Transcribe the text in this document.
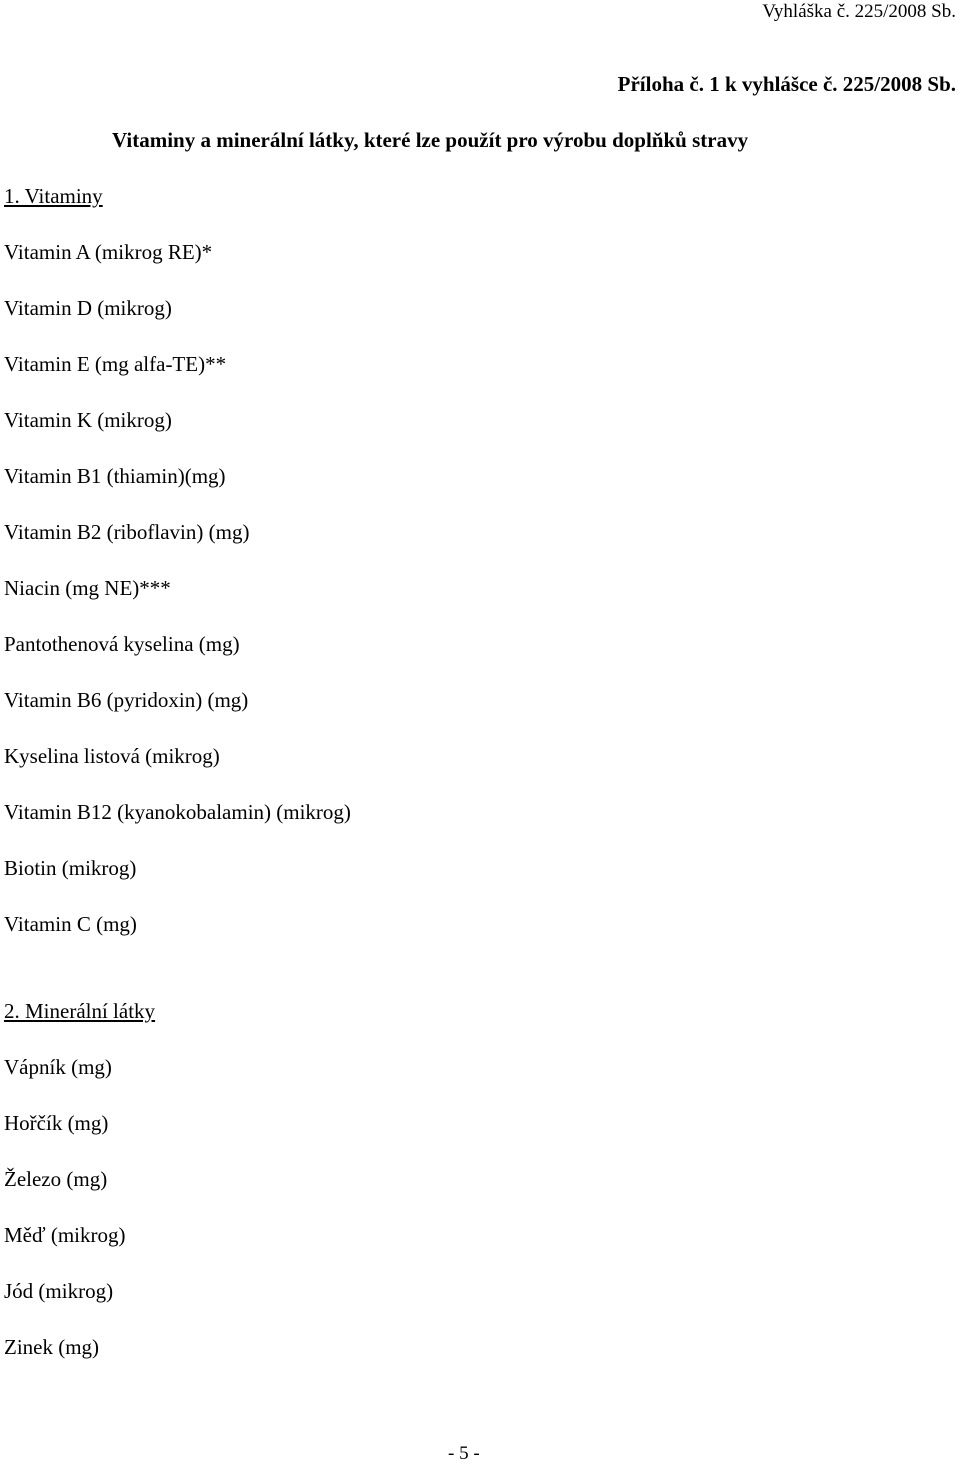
Vyhláška č. 225/2008 Sb.
Příloha č. 1 k vyhlášce č. 225/2008 Sb.
Vitaminy a minerální látky, které lze použít pro výrobu doplňků stravy
1. Vitaminy
Vitamin A (mikrog RE)*
Vitamin D (mikrog)
Vitamin E (mg alfa-TE)**
Vitamin K (mikrog)
Vitamin B1 (thiamin)(mg)
Vitamin B2 (riboflavin) (mg)
Niacin (mg NE)***
Pantothenová kyselina (mg)
Vitamin B6 (pyridoxin) (mg)
Kyselina listová (mikrog)
Vitamin B12 (kyanokobalamin) (mikrog)
Biotin (mikrog)
Vitamin C (mg)
2. Minerální látky
Vápník (mg)
Hořčík (mg)
Železo (mg)
Měď (mikrog)
Jód (mikrog)
Zinek (mg)
- 5 -
